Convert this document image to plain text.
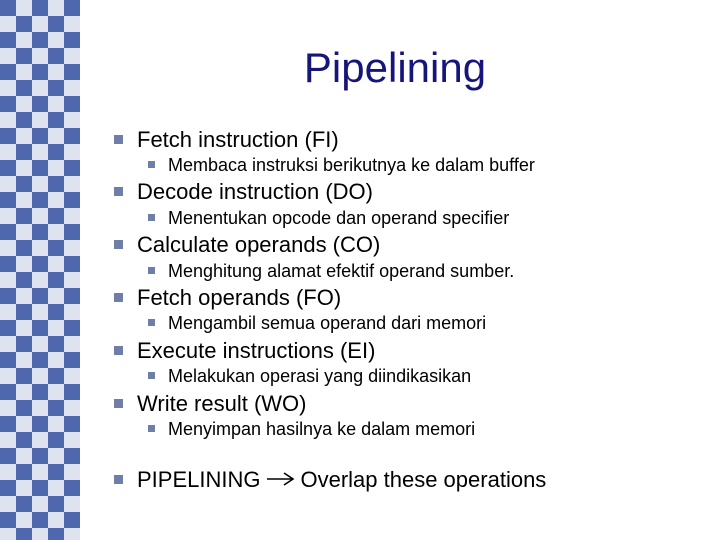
Pipelining
Fetch instruction (FI)
Membaca instruksi berikutnya ke dalam buffer
Decode instruction (DO)
Menentukan opcode dan operand specifier
Calculate operands (CO)
Menghitung alamat efektif operand sumber.
Fetch operands (FO)
Mengambil semua operand dari memori
Execute instructions (EI)
Melakukan operasi yang diindikasikan
Write result (WO)
Menyimpan hasilnya ke dalam memori
PIPELINING Overlap these operations
